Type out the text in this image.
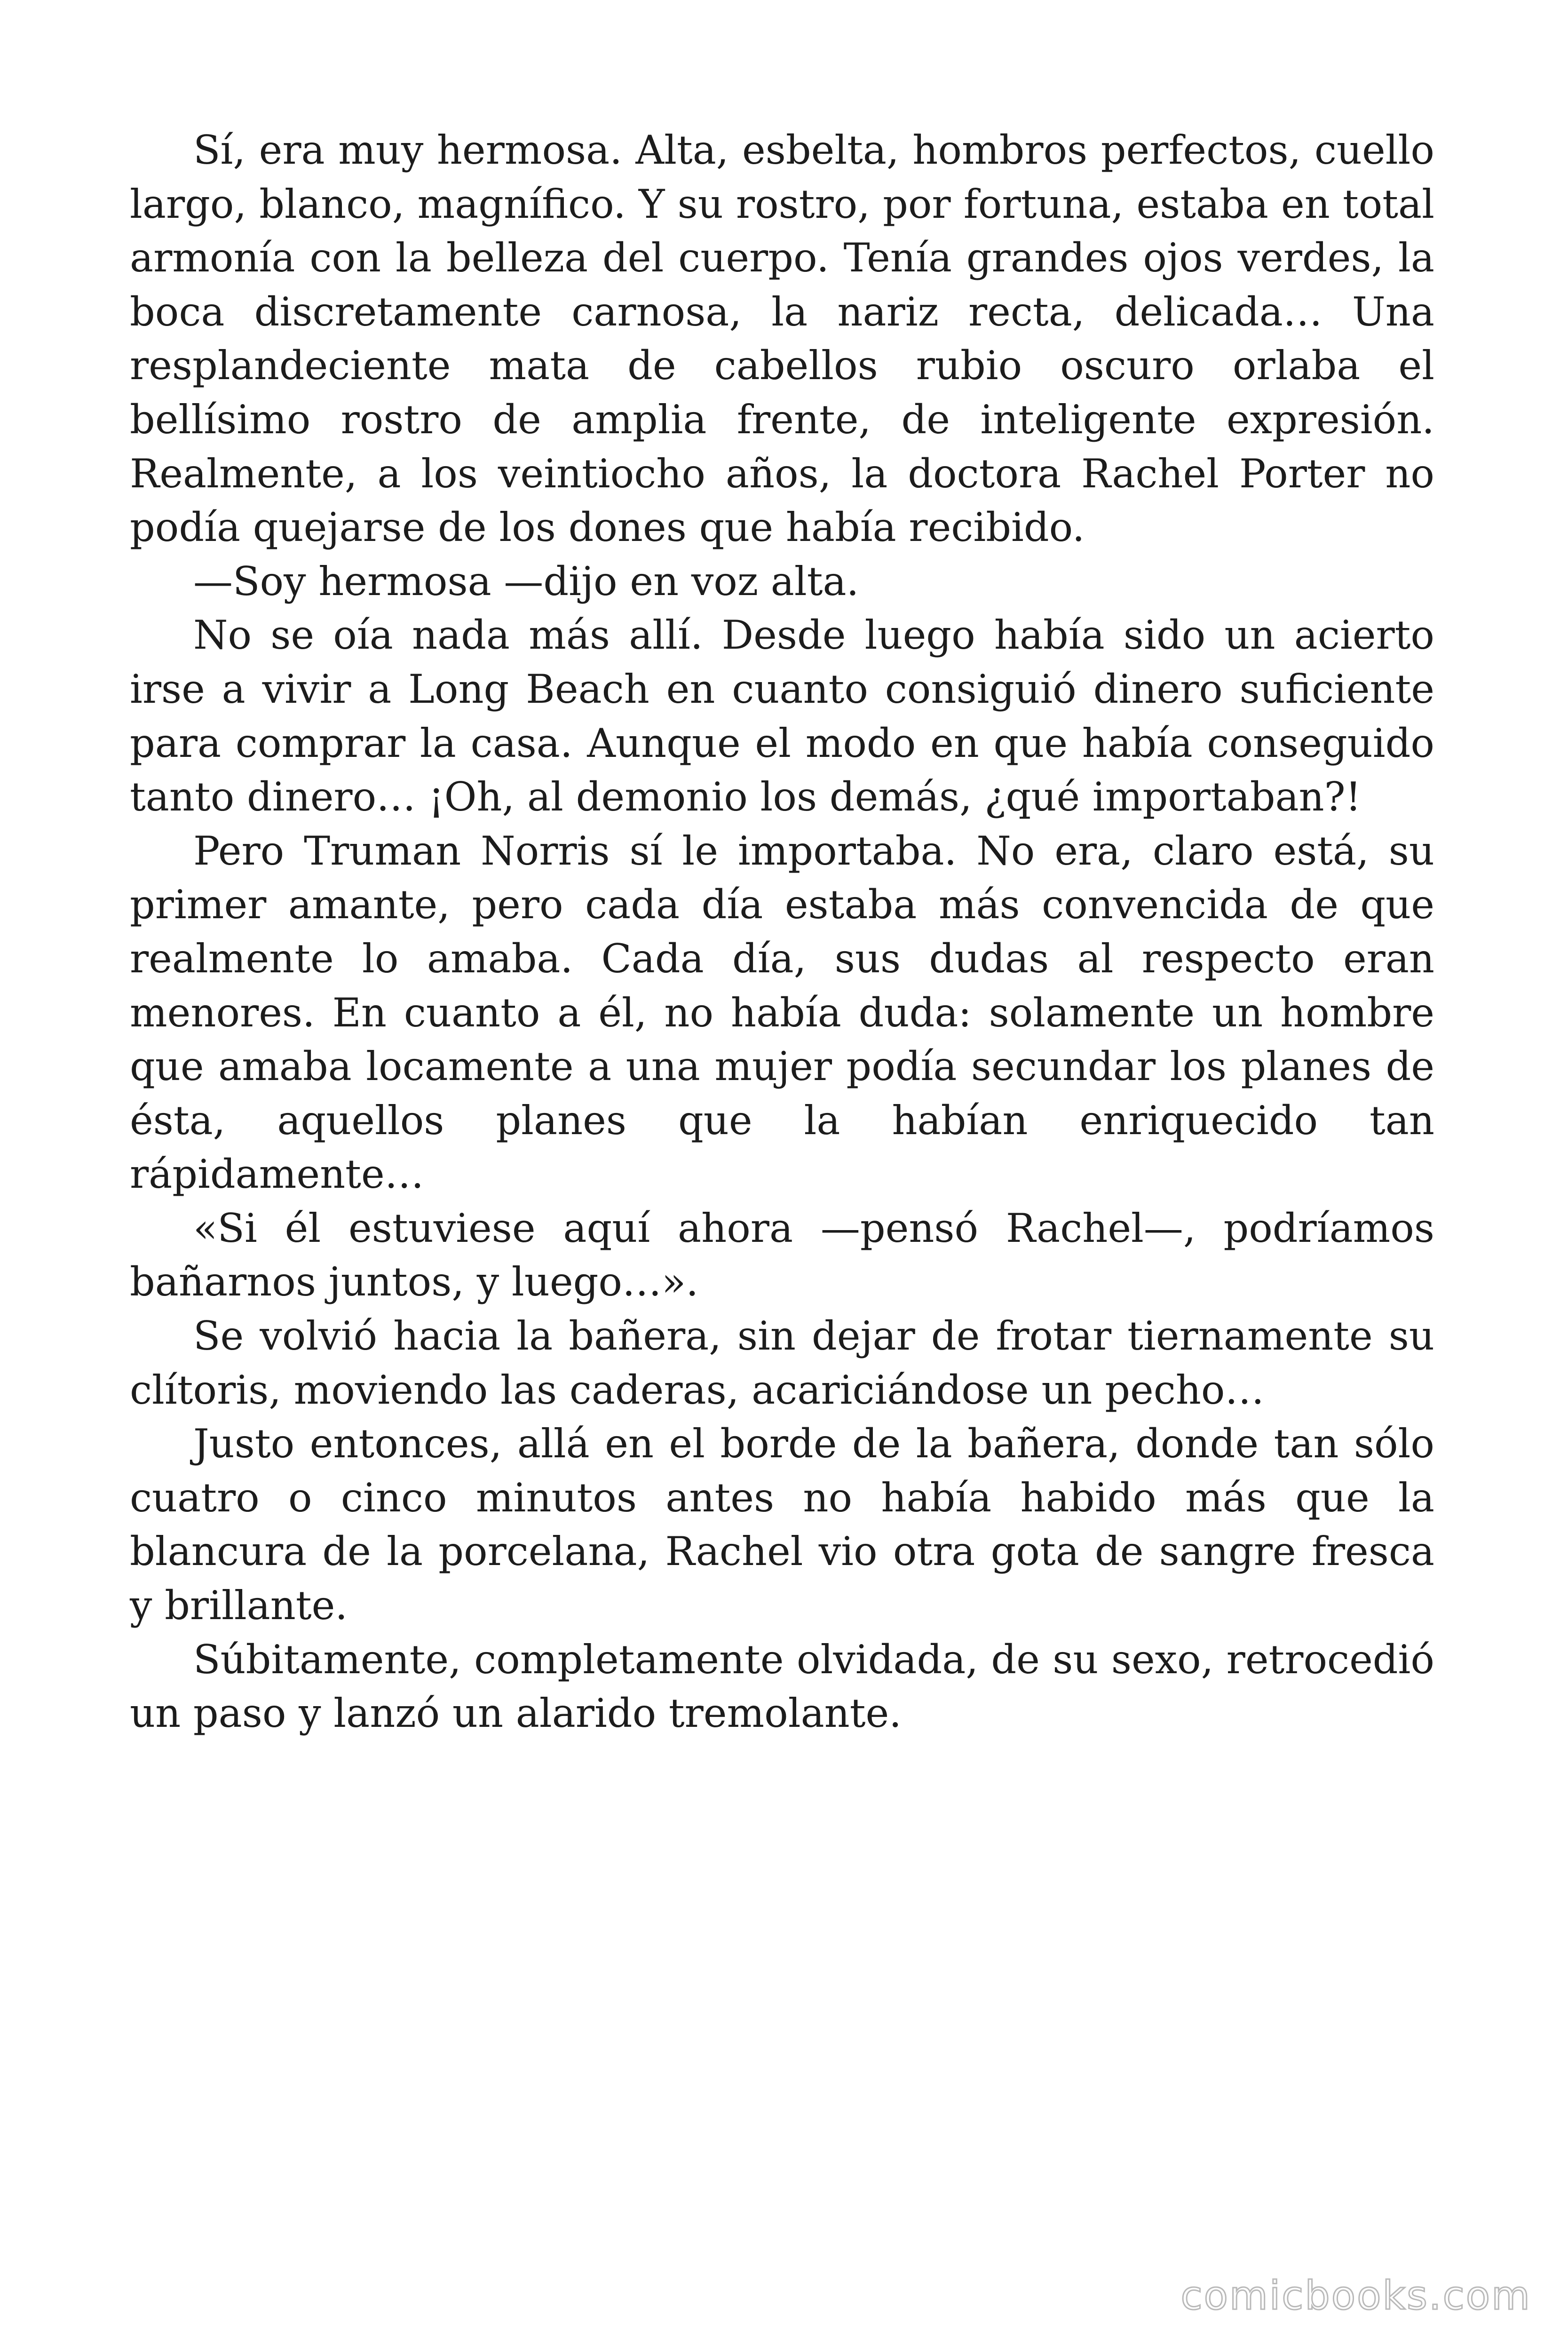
Sí, era muy hermosa. Alta, esbelta, hombros perfectos, cuello largo, blanco, magnífico. Y su rostro, por fortuna, estaba en total armonía con la belleza del cuerpo. Tenía grandes ojos verdes, la boca discretamente carnosa, la nariz recta, delicada… Una resplandeciente mata de cabellos rubio oscuro orlaba el bellísimo rostro de amplia frente, de inteligente expresión. Realmente, a los veintiocho años, la doctora Rachel Porter no podía quejarse de los dones que había recibido.

—Soy hermosa —dijo en voz alta.

No se oía nada más allí. Desde luego había sido un acierto irse a vivir a Long Beach en cuanto consiguió dinero suficiente para comprar la casa. Aunque el modo en que había conseguido tanto dinero… ¡Oh, al demonio los demás, ¿qué importaban?!

Pero Truman Norris sí le importaba. No era, claro está, su primer amante, pero cada día estaba más convencida de que realmente lo amaba. Cada día, sus dudas al respecto eran menores. En cuanto a él, no había duda: solamente un hombre que amaba locamente a una mujer podía secundar los planes de ésta, aquellos planes que la habían enriquecido tan rápidamente…

«Si él estuviese aquí ahora —pensó Rachel—, podríamos bañarnos juntos, y luego…».

Se volvió hacia la bañera, sin dejar de frotar tiernamente su clítoris, moviendo las caderas, acariciándose un pecho…

Justo entonces, allá en el borde de la bañera, donde tan sólo cuatro o cinco minutos antes no había habido más que la blancura de la porcelana, Rachel vio otra gota de sangre fresca y brillante.

Súbitamente, completamente olvidada, de su sexo, retrocedió un paso y lanzó un alarido tremolante.

comicbooks.com
